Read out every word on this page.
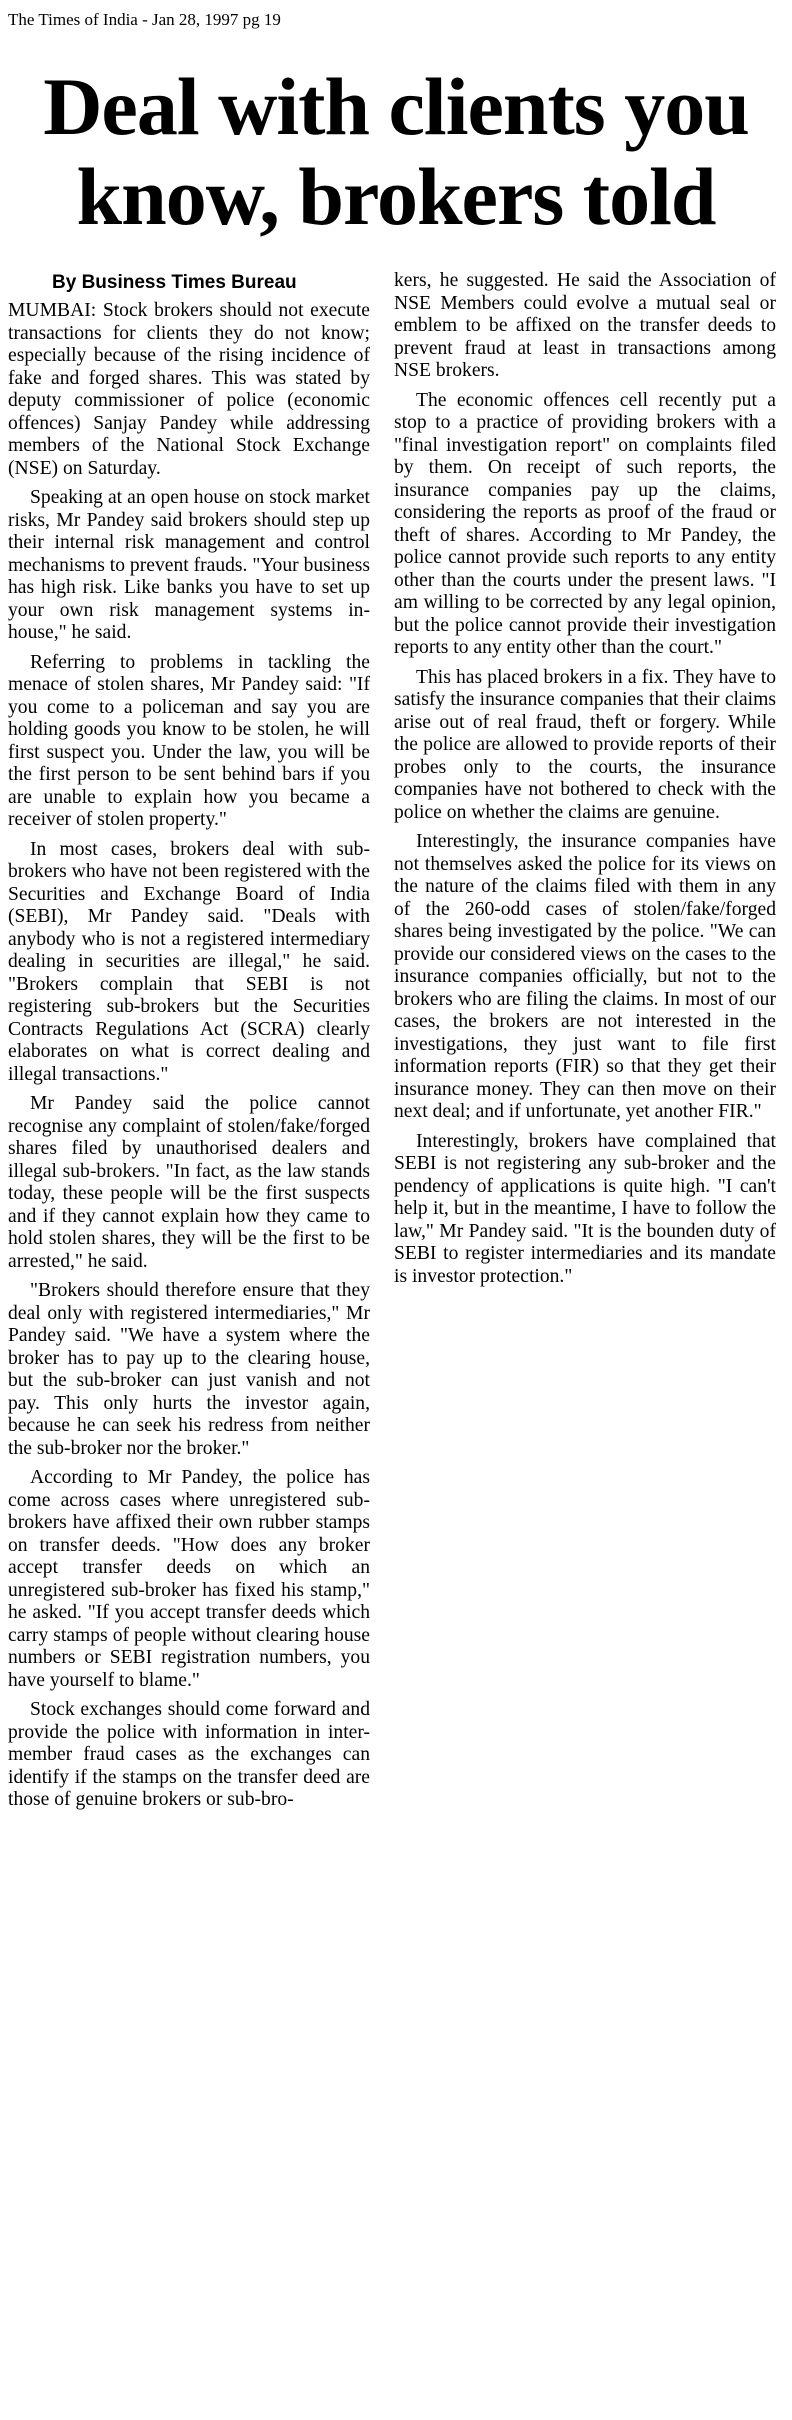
The Times of India - Jan 28, 1997 pg 19
Deal with clients you
know, brokers told
By Business Times Bureau

MUMBAI: Stock brokers should not execute transactions for clients they do not know; especially because of the rising incidence of fake and forged shares. This was stated by deputy commissioner of police (economic offences) Sanjay Pandey while addressing members of the National Stock Exchange (NSE) on Saturday.

Speaking at an open house on stock market risks, Mr Pandey said brokers should step up their internal risk management and control mechanisms to prevent frauds. "Your business has high risk. Like banks you have to set up your own risk management systems in-house," he said.

Referring to problems in tackling the menace of stolen shares, Mr Pandey said: "If you come to a policeman and say you are holding goods you know to be stolen, he will first suspect you. Under the law, you will be the first person to be sent behind bars if you are unable to explain how you became a receiver of stolen property."

In most cases, brokers deal with sub-brokers who have not been registered with the Securities and Exchange Board of India (SEBI), Mr Pandey said. "Deals with anybody who is not a registered intermediary dealing in securities are illegal," he said. "Brokers complain that SEBI is not registering sub-brokers but the Securities Contracts Regulations Act (SCRA) clearly elaborates on what is correct dealing and illegal transactions."

Mr Pandey said the police cannot recognise any complaint of stolen/fake/forged shares filed by unauthorised dealers and illegal sub-brokers. "In fact, as the law stands today, these people will be the first suspects and if they cannot explain how they came to hold stolen shares, they will be the first to be arrested," he said.

"Brokers should therefore ensure that they deal only with registered intermediaries," Mr Pandey said. "We have a system where the broker has to pay up to the clearing house, but the sub-broker can just vanish and not pay. This only hurts the investor again, because he can seek his redress from neither the sub-broker nor the broker."

According to Mr Pandey, the police has come across cases where unregistered sub-brokers have affixed their own rubber stamps on transfer deeds. "How does any broker accept transfer deeds on which an unregistered sub-broker has fixed his stamp," he asked. "If you accept transfer deeds which carry stamps of people without clearing house numbers or SEBI registration numbers, you have yourself to blame."

Stock exchanges should come forward and provide the police with information in inter-member fraud cases as the exchanges can identify if the stamps on the transfer deed are those of genuine brokers or sub-bro-

kers, he suggested. He said the Association of NSE Members could evolve a mutual seal or emblem to be affixed on the transfer deeds to prevent fraud at least in transactions among NSE brokers.

The economic offences cell recently put a stop to a practice of providing brokers with a "final investigation report" on complaints filed by them. On receipt of such reports, the insurance companies pay up the claims, considering the reports as proof of the fraud or theft of shares. According to Mr Pandey, the police cannot provide such reports to any entity other than the courts under the present laws. "I am willing to be corrected by any legal opinion, but the police cannot provide their investigation reports to any entity other than the court."

This has placed brokers in a fix. They have to satisfy the insurance companies that their claims arise out of real fraud, theft or forgery. While the police are allowed to provide reports of their probes only to the courts, the insurance companies have not bothered to check with the police on whether the claims are genuine.

Interestingly, the insurance companies have not themselves asked the police for its views on the nature of the claims filed with them in any of the 260-odd cases of stolen/fake/forged shares being investigated by the police. "We can provide our considered views on the cases to the insurance companies officially, but not to the brokers who are filing the claims. In most of our cases, the brokers are not interested in the investigations, they just want to file first information reports (FIR) so that they get their insurance money. They can then move on their next deal; and if unfortunate, yet another FIR."

Interestingly, brokers have complained that SEBI is not registering any sub-broker and the pendency of applications is quite high. "I can't help it, but in the meantime, I have to follow the law," Mr Pandey said. "It is the bounden duty of SEBI to register intermediaries and its mandate is investor protection."
